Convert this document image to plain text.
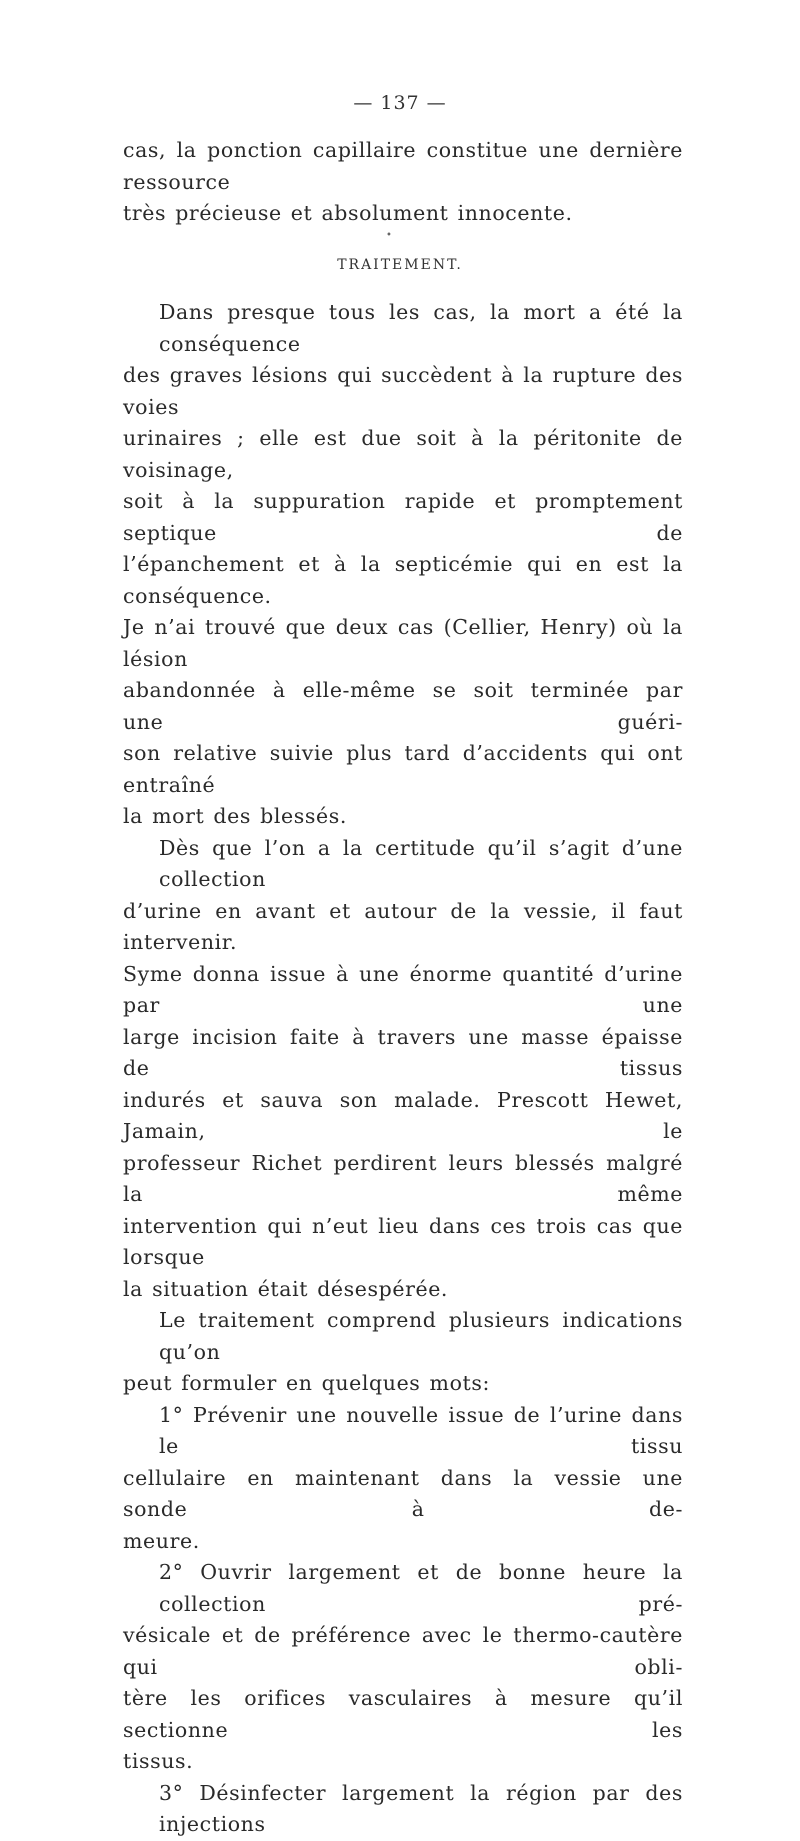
— 137 —
cas, la ponction capillaire constitue une dernière ressource
très précieuse et absolument innocente.
•
TRAITEMENT.
Dans presque tous les cas, la mort a été la conséquence
des graves lésions qui succèdent à la rupture des voies
urinaires ; elle est due soit à la péritonite de voisinage,
soit à la suppuration rapide et promptement septique de
l’épanchement et à la septicémie qui en est la conséquence.
Je n’ai trouvé que deux cas (Cellier, Henry) où la lésion
abandonnée à elle-même se soit terminée par une guéri-
son relative suivie plus tard d’accidents qui ont entraîné
la mort des blessés.
Dès que l’on a la certitude qu’il s’agit d’une collection
d’urine en avant et autour de la vessie, il faut intervenir.
Syme donna issue à une énorme quantité d’urine par une
large incision faite à travers une masse épaisse de tissus
indurés et sauva son malade. Prescott Hewet, Jamain, le
professeur Richet perdirent leurs blessés malgré la même
intervention qui n’eut lieu dans ces trois cas que lorsque
la situation était désespérée.
Le traitement comprend plusieurs indications qu’on
peut formuler en quelques mots:
1° Prévenir une nouvelle issue de l’urine dans le tissu
cellulaire en maintenant dans la vessie une sonde à de-
meure.
2° Ouvrir largement et de bonne heure la collection pré-
vésicale et de préférence avec le thermo-cautère qui obli-
tère les orifices vasculaires à mesure qu’il sectionne les
tissus.
3° Désinfecter largement la région par des injections
